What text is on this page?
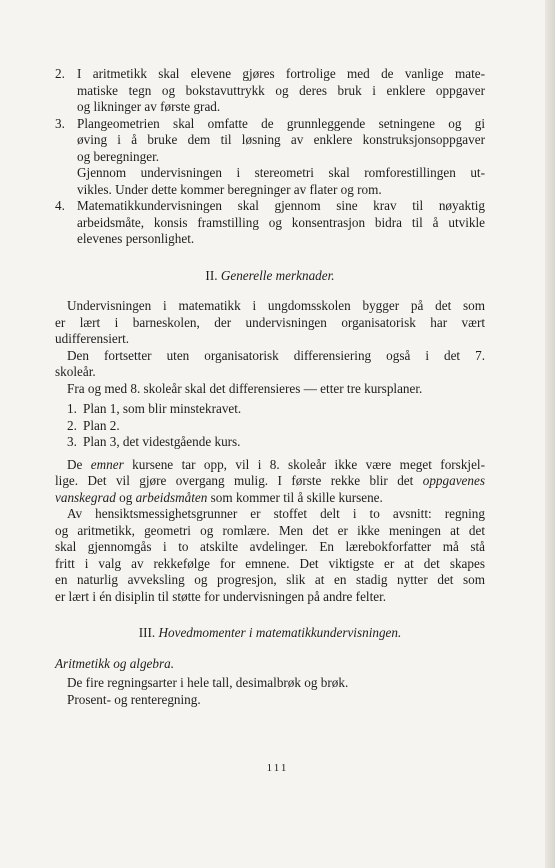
2. I aritmetikk skal elevene gjøres fortrolige med de vanlige mate-
matiske tegn og bokstavuttrykk og deres bruk i enklere oppgaver
og likninger av første grad.
3. Plangeometrien skal omfatte de grunnleggende setningene og gi
øving i å bruke dem til løsning av enklere konstruksjonsoppgaver
og beregninger.
Gjennom undervisningen i stereometri skal romforestillingen ut-
vikles. Under dette kommer beregninger av flater og rom.
4. Matematikkundervisningen skal gjennom sine krav til nøyaktig
arbeidsmåte, konsis framstilling og konsentrasjon bidra til å utvikle
elevenes personlighet.
II. Generelle merknader.
Undervisningen i matematikk i ungdomsskolen bygger på det som
er lært i barneskolen, der undervisningen organisatorisk har vært
udifferensiert.
Den fortsetter uten organisatorisk differensiering også i det 7.
skoleår.
Fra og med 8. skoleår skal det differensieres — etter tre kursplaner.
1. Plan 1, som blir minstekravet.
2. Plan 2.
3. Plan 3, det videstgående kurs.
De emner kursene tar opp, vil i 8. skoleår ikke være meget forskjel-
lige. Det vil gjøre overgang mulig. I første rekke blir det oppgavenes
vanskegrad og arbeidsmåten som kommer til å skille kursene.
Av hensiktsmessighetsgrunner er stoffet delt i to avsnitt: regning
og aritmetikk, geometri og romlære. Men det er ikke meningen at det
skal gjennomgås i to atskilte avdelinger. En lærebokforfatter må stå
fritt i valg av rekkefølge for emnene. Det viktigste er at det skapes
en naturlig avveksling og progresjon, slik at en stadig nytter det som
er lært i én disiplin til støtte for undervisningen på andre felter.
III. Hovedmomenter i matematikkundervisningen.
Aritmetikk og algebra.
De fire regningsarter i hele tall, desimalbrøk og brøk.
Prosent- og renteregning.
111
